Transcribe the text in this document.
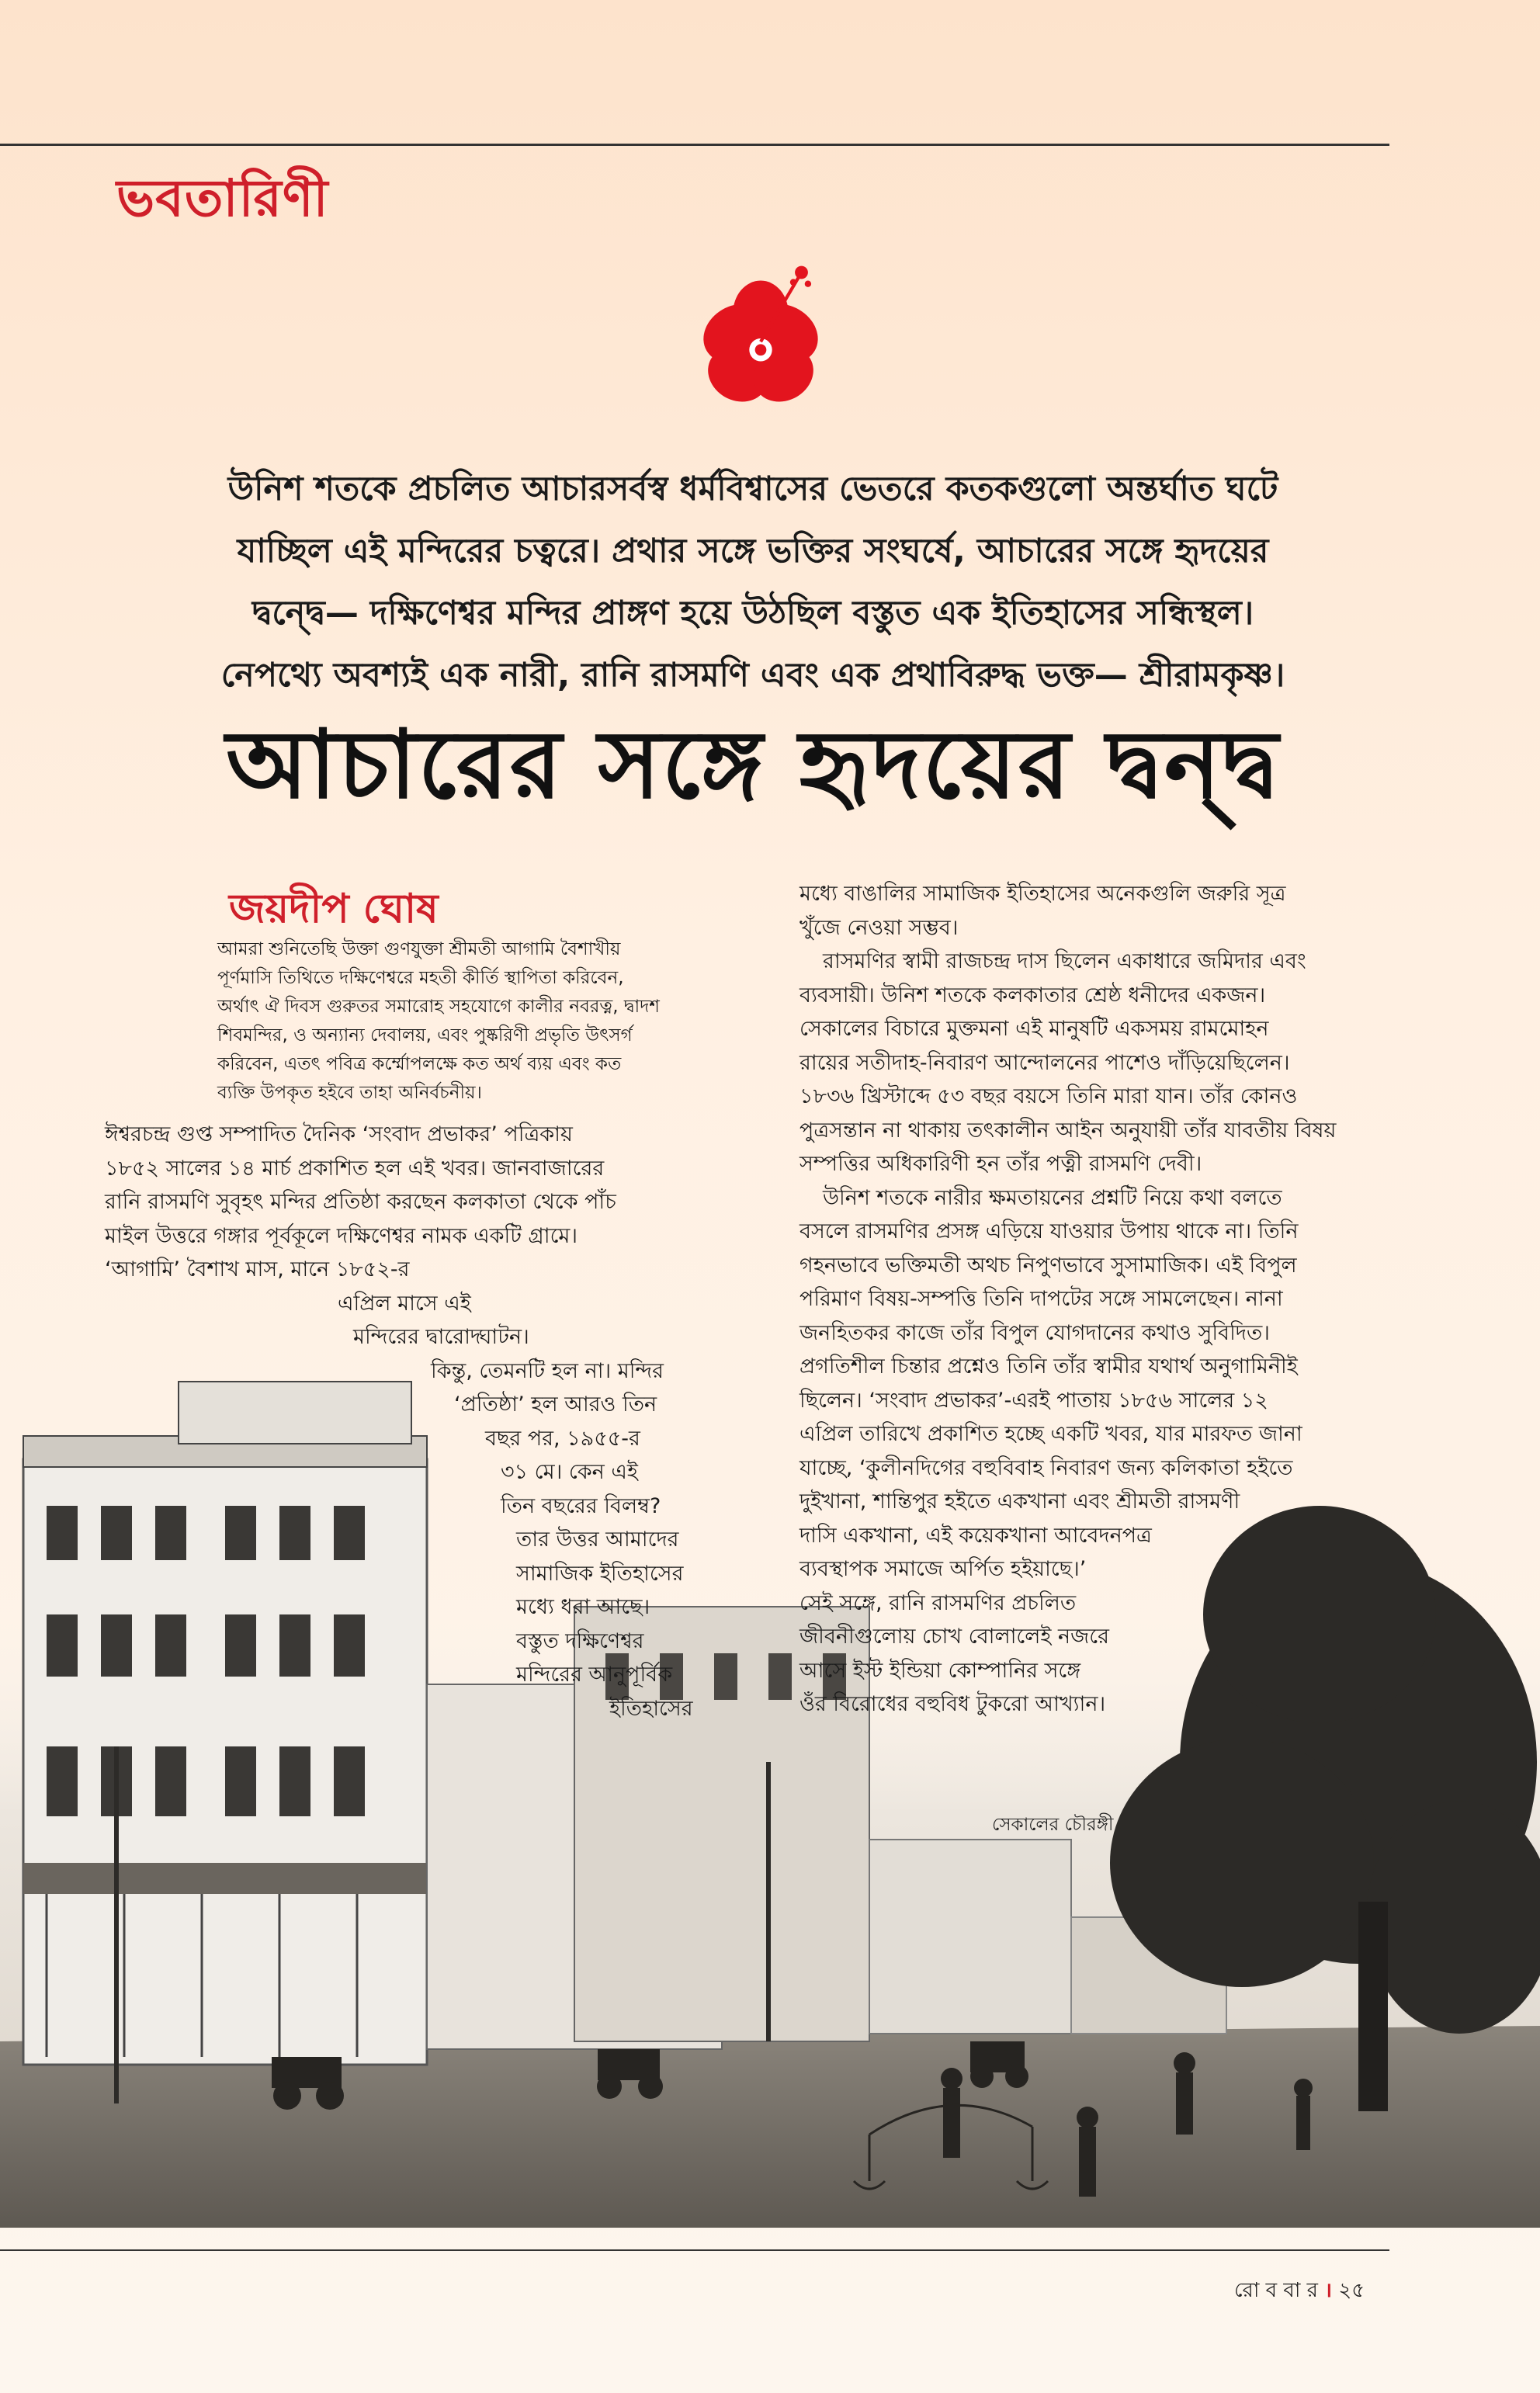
ভবতারিণী

উনিশ শতকে প্রচলিত আচারসর্বস্ব ধর্মবিশ্বাসের ভেতরে কতকগুলো অন্তর্ঘাত ঘটে

যাচ্ছিল এই মন্দিরের চত্বরে। প্রথার সঙ্গে ভক্তির সংঘর্ষে, আচারের সঙ্গে হৃদয়ের

দ্বন্দ্বে— দক্ষিণেশ্বর মন্দির প্রাঙ্গণ হয়ে উঠছিল বস্তুত এক ইতিহাসের সন্ধিস্থল।

নেপথ্যে অবশ্যই এক নারী, রানি রাসমণি এবং এক প্রথাবিরুদ্ধ ভক্ত— শ্রীরামকৃষ্ণ।

আচারের সঙ্গে হৃদয়ের দ্বন্দ্ব
জয়দীপ ঘোষ

আমরা শুনিতেছি উক্তা গুণযুক্তা শ্রীমতী আগামি বৈশাখীয়

পূর্ণমাসি তিথিতে দক্ষিণেশ্বরে মহতী কীর্তি স্থাপিতা করিবেন,

অর্থাৎ ঐ দিবস গুরুতর সমারোহ সহযোগে কালীর নবরত্ন, দ্বাদশ

শিবমন্দির, ও অন্যান্য দেবালয়, এবং পুষ্করিণী প্রভৃতি উৎসর্গ

করিবেন, এতৎ পবিত্র কর্ম্মোপলক্ষে কত অর্থ ব্যয় এবং কত

ব্যক্তি উপকৃত হইবে তাহা অনির্বচনীয়।

ঈশ্বরচন্দ্র গুপ্ত সম্পাদিত দৈনিক ‘সংবাদ প্রভাকর’ পত্রিকায়

১৮৫২ সালের ১৪ মার্চ প্রকাশিত হল এই খবর। জানবাজারের

রানি রাসমণি সুবৃহৎ মন্দির প্রতিষ্ঠা করছেন কলকাতা থেকে পাঁচ

মাইল উত্তরে গঙ্গার পূর্বকূলে দক্ষিণেশ্বর নামক একটি গ্রামে।

‘আগামি’ বৈশাখ মাস, মানে ১৮৫২-র

এপ্রিল মাসে এই

মন্দিরের দ্বারোদ্ঘাটন।

কিন্তু, তেমনটি হল না। মন্দির

‘প্রতিষ্ঠা’ হল আরও তিন

বছর পর, ১৯৫৫-র

৩১ মে। কেন এই

তিন বছরের বিলম্ব?

তার উত্তর আমাদের

সামাজিক ইতিহাসের

মধ্যে ধরা আছে।

বস্তুত দক্ষিণেশ্বর

মন্দিরের আনুপূর্বিক

ইতিহাসের

মধ্যে বাঙালির সামাজিক ইতিহাসের অনেকগুলি জরুরি সূত্র

খুঁজে নেওয়া সম্ভব।

রাসমণির স্বামী রাজচন্দ্র দাস ছিলেন একাধারে জমিদার এবং

ব্যবসায়ী। উনিশ শতকে কলকাতার শ্রেষ্ঠ ধনীদের একজন।

সেকালের বিচারে মুক্তমনা এই মানুষটি একসময় রামমোহন

রায়ের সতীদাহ-নিবারণ আন্দোলনের পাশেও দাঁড়িয়েছিলেন।

১৮৩৬ খ্রিস্টাব্দে ৫৩ বছর বয়সে তিনি মারা যান। তাঁর কোনও

পুত্রসন্তান না থাকায় তৎকালীন আইন অনুযায়ী তাঁর যাবতীয় বিষয়

সম্পত্তির অধিকারিণী হন তাঁর পত্নী রাসমণি দেবী।

উনিশ শতকে নারীর ক্ষমতায়নের প্রশ্নটি নিয়ে কথা বলতে

বসলে রাসমণির প্রসঙ্গ এড়িয়ে যাওয়ার উপায় থাকে না। তিনি

গহনভাবে ভক্তিমতী অথচ নিপুণভাবে সুসামাজিক। এই বিপুল

পরিমাণ বিষয়-সম্পত্তি তিনি দাপটের সঙ্গে সামলেছেন। নানা

জনহিতকর কাজে তাঁর বিপুল যোগদানের কথাও সুবিদিত।

প্রগতিশীল চিন্তার প্রশ্নেও তিনি তাঁর স্বামীর যথার্থ অনুগামিনীই

ছিলেন। ‘সংবাদ প্রভাকর’-এরই পাতায় ১৮৫৬ সালের ১২

এপ্রিল তারিখে প্রকাশিত হচ্ছে একটি খবর, যার মারফত জানা

যাচ্ছে, ‘কুলীনদিগের বহুবিবাহ নিবারণ জন্য কলিকাতা হইতে

দুইখানা, শান্তিপুর হইতে একখানা এবং শ্রীমতী রাসমণী

দাসি একখানা, এই কয়েকখানা আবেদনপত্র

ব্যবস্থাপক সমাজে অর্পিত হইয়াছে।’

সেই সঙ্গে, রানি রাসমণির প্রচলিত

জীবনীগুলোয় চোখ বোলালেই নজরে

আসে ইস্ট ইন্ডিয়া কোম্পানির সঙ্গে

ওঁর বিরোধের বহুবিধ টুকরো আখ্যান।

সেকালের চৌরঙ্গী
রো ব বা র । ২৫
